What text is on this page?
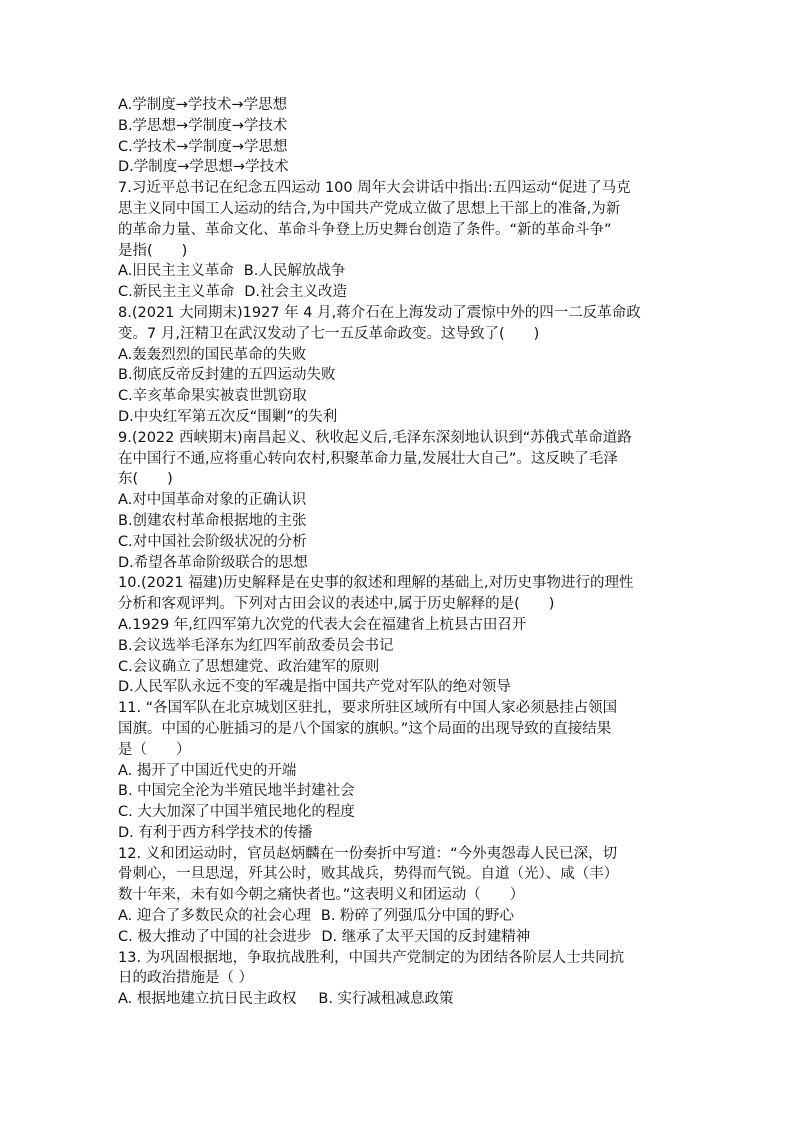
A.学制度→学技术→学思想
B.学思想→学制度→学技术
C.学技术→学制度→学思想
D.学制度→学思想→学技术
7.习近平总书记在纪念五四运动 100 周年大会讲话中指出:五四运动“促进了马克
思主义同中国工人运动的结合,为中国共产党成立做了思想上干部上的准备,为新
的革命力量、革命文化、革命斗争登上历史舞台创造了条件。“新的革命斗争”
是指(　　)
A.旧民主主义革命 B.人民解放战争
C.新民主主义革命 D.社会主义改造
8.(2021 大同期末)1927 年 4 月,蒋介石在上海发动了震惊中外的四一二反革命政
变。7 月,汪精卫在武汉发动了七一五反革命政变。这导致了(　　)
A.轰轰烈烈的国民革命的失败
B.彻底反帝反封建的五四运动失败
C.辛亥革命果实被袁世凯窃取
D.中央红军第五次反“围剿”的失利
9.(2022 西峡期末)南昌起义、秋收起义后,毛泽东深刻地认识到“苏俄式革命道路
在中国行不通,应将重心转向农村,积聚革命力量,发展壮大自己”。这反映了毛泽
东(　　)
A.对中国革命对象的正确认识
B.创建农村革命根据地的主张
C.对中国社会阶级状况的分析
D.希望各革命阶级联合的思想
10.(2021 福建)历史解释是在史事的叙述和理解的基础上,对历史事物进行的理性
分析和客观评判。下列对古田会议的表述中,属于历史解释的是(　　)
A.1929 年,红四军第九次党的代表大会在福建省上杭县古田召开
B.会议选举毛泽东为红四军前敌委员会书记
C.会议确立了思想建党、政治建军的原则
D.人民军队永远不变的军魂是指中国共产党对军队的绝对领导
11. “各国军队在北京城划区驻扎，要求所驻区域所有中国人家必须悬挂占领国
国旗。中国的心脏插习的是八个国家的旗帜。”这个局面的出现导致的直接结果
是（　　）
A. 揭开了中国近代史的开端
B. 中国完全沦为半殖民地半封建社会
C. 大大加深了中国半殖民地化的程度
D. 有利于西方科学技术的传播
12. 义和团运动时，官员赵炳麟在一份奏折中写道：“今外夷怨毒人民已深，切
骨刺心，一旦思逞，歼其公时，败其战兵，势得而气锐。自道（光）、咸（丰）
数十年来，未有如今朝之痛快者也。”这表明义和团运动（　　）
A. 迎合了多数民众的社会心理 B. 粉碎了列强瓜分中国的野心
C. 极大推动了中国的社会进步 D. 继承了太平天国的反封建精神
13. 为巩固根据地，争取抗战胜利，中国共产党制定的为团结各阶层人士共同抗
日的政治措施是（ ）
A. 根据地建立抗日民主政权 B. 实行减租减息政策
